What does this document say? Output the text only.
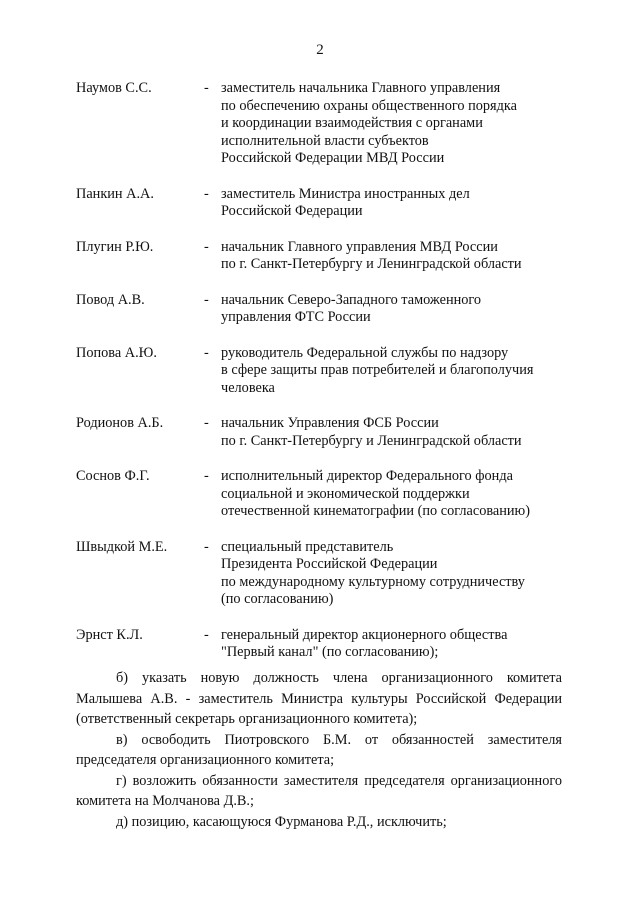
2
Наумов С.С.	- заместитель начальника Главного управления
по обеспечению охраны общественного порядка
и координации взаимодействия с органами
исполнительной власти субъектов
Российской Федерации МВД России
Панкин А.А.	- заместитель Министра иностранных дел
Российской Федерации
Плугин Р.Ю.	- начальник Главного управления МВД России
по г. Санкт-Петербургу и Ленинградской области
Повод А.В.	- начальник Северо-Западного таможенного
управления ФТС России
Попова А.Ю.	- руководитель Федеральной службы по надзору
в сфере защиты прав потребителей и благополучия
человека
Родионов А.Б.	- начальник Управления ФСБ России
по г. Санкт-Петербургу и Ленинградской области
Соснов Ф.Г.	- исполнительный директор Федерального фонда
социальной и экономической поддержки
отечественной кинематографии (по согласованию)
Швыдкой М.Е.	- специальный представитель
Президента Российской Федерации
по международному культурному сотрудничеству
(по согласованию)
Эрнст К.Л.	- генеральный директор акционерного общества
"Первый канал" (по согласованию);
б) указать новую должность члена организационного комитета
Малышева А.В. - заместитель Министра культуры Российской Федерации
(ответственный секретарь организационного комитета);
в) освободить Пиотровского Б.М. от обязанностей заместителя
председателя организационного комитета;
г) возложить обязанности заместителя председателя организационного
комитета на Молчанова Д.В.;
д) позицию, касающуюся Фурманова Р.Д., исключить;
